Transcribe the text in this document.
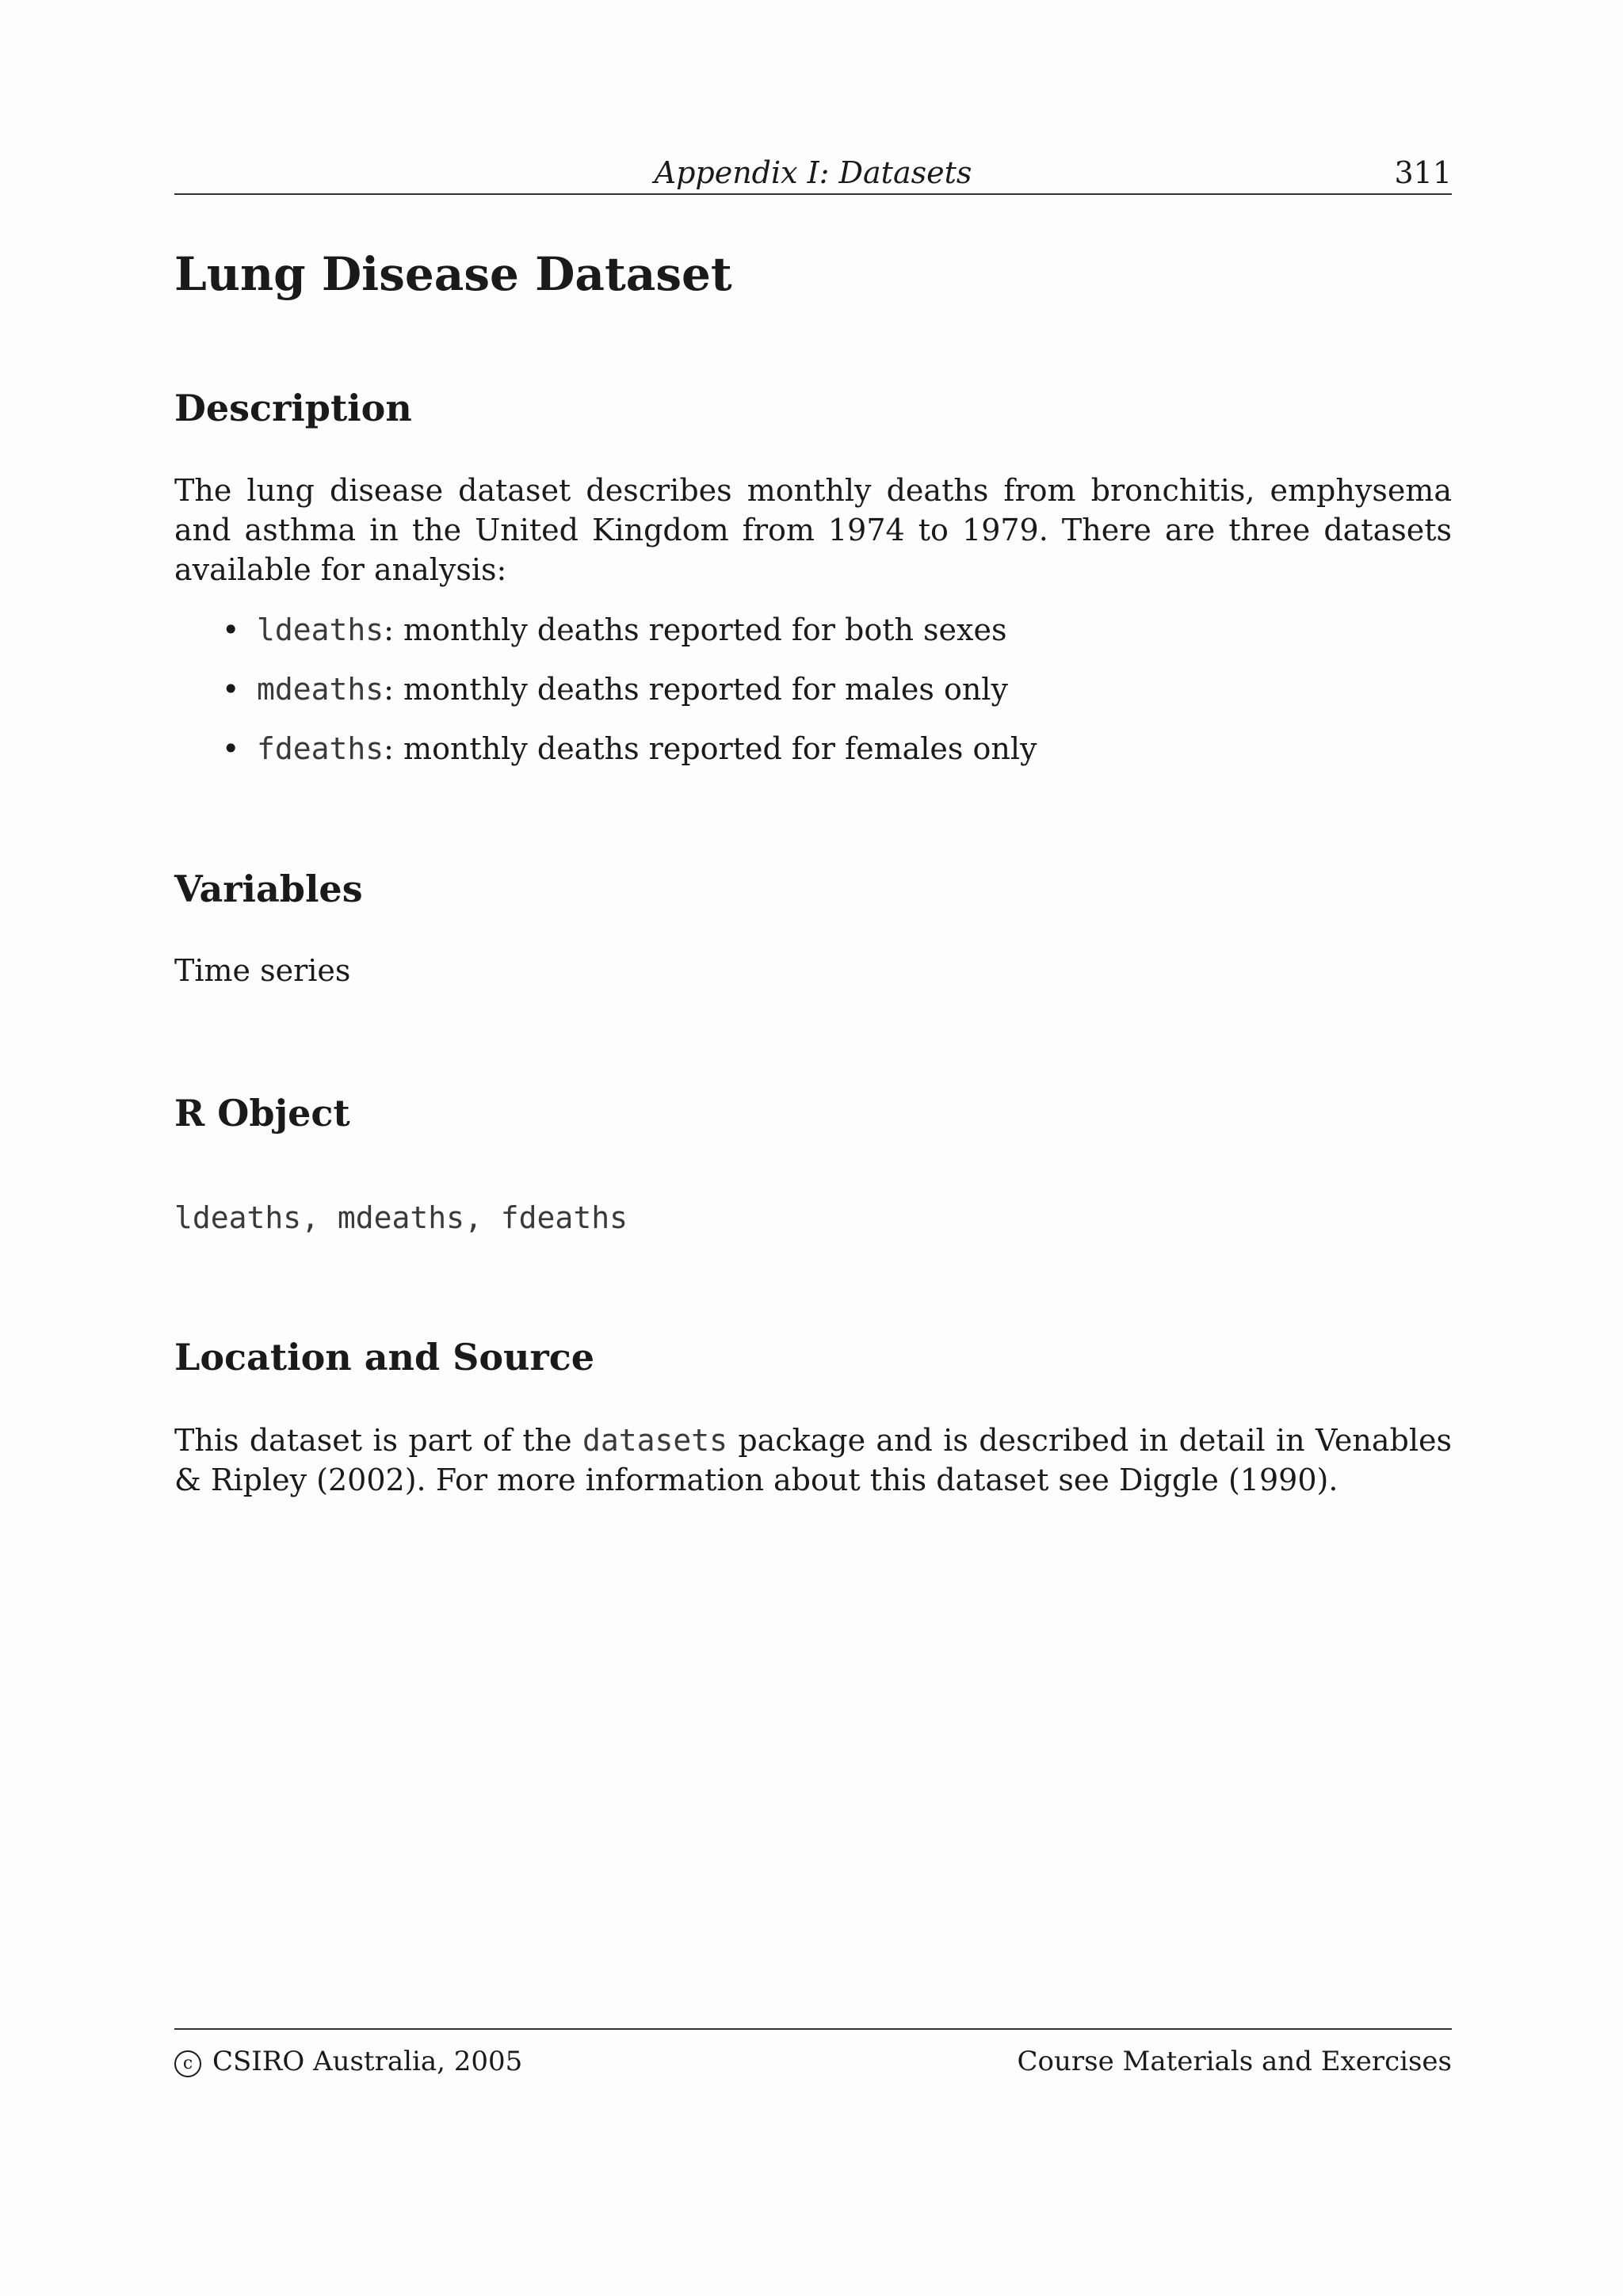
Appendix I: Datasets	311
Lung Disease Dataset
Description

The lung disease dataset describes monthly deaths from bronchitis, emphysema and asthma in the United Kingdom from 1974 to 1979. There are three datasets available for analysis:

• ldeaths: monthly deaths reported for both sexes
• mdeaths: monthly deaths reported for males only
• fdeaths: monthly deaths reported for females only
Variables

Time series

R Object
ldeaths, mdeaths, fdeaths
Location and Source

This dataset is part of the datasets package and is described in detail in Venables & Ripley (2002). For more information about this dataset see Diggle (1990).

c CSIRO Australia, 2005	Course Materials and Exercises
